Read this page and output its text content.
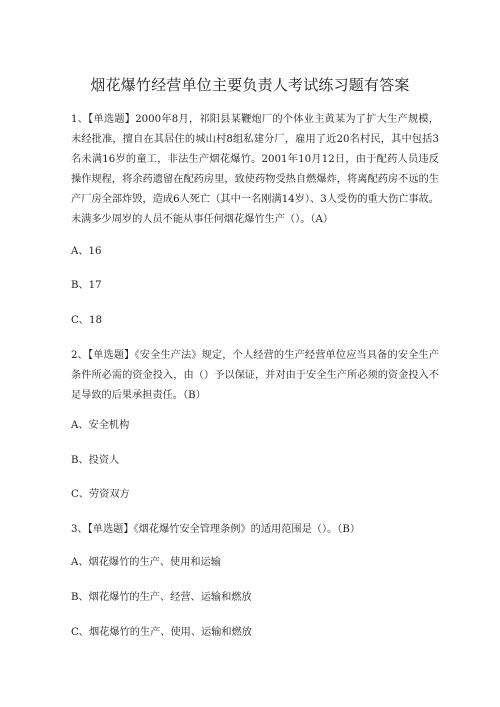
烟花爆竹经营单位主要负责人考试练习题有答案
1、【单选题】2000年8月，祁阳县某鞭炮厂的个体业主黄某为了扩大生产规模，未经批准，擅自在其居住的城山村8组私建分厂，雇用了近20名村民，其中包括3名未满16岁的童工，非法生产烟花爆竹。2001年10月12日，由于配药人员违反操作规程，将余药遗留在配药房里，致使药物受热自燃爆炸，将离配药房不远的生产厂房全部炸毁，造成6人死亡（其中一名刚满14岁）、3人受伤的重大伤亡事故。未满多少周岁的人员不能从事任何烟花爆竹生产（）。（A）
A、16
B、17
C、18
2、【单选题】《安全生产法》规定，个人经营的生产经营单位应当具备的安全生产条件所必需的资金投入，由（）予以保证，并对由于安全生产所必须的资金投入不足导致的后果承担责任。（B）
A、安全机构
B、投资人
C、劳资双方
3、【单选题】《烟花爆竹安全管理条例》的适用范围是（）。（B）
A、烟花爆竹的生产、使用和运输
B、烟花爆竹的生产、经营、运输和燃放
C、烟花爆竹的生产、使用、运输和燃放
